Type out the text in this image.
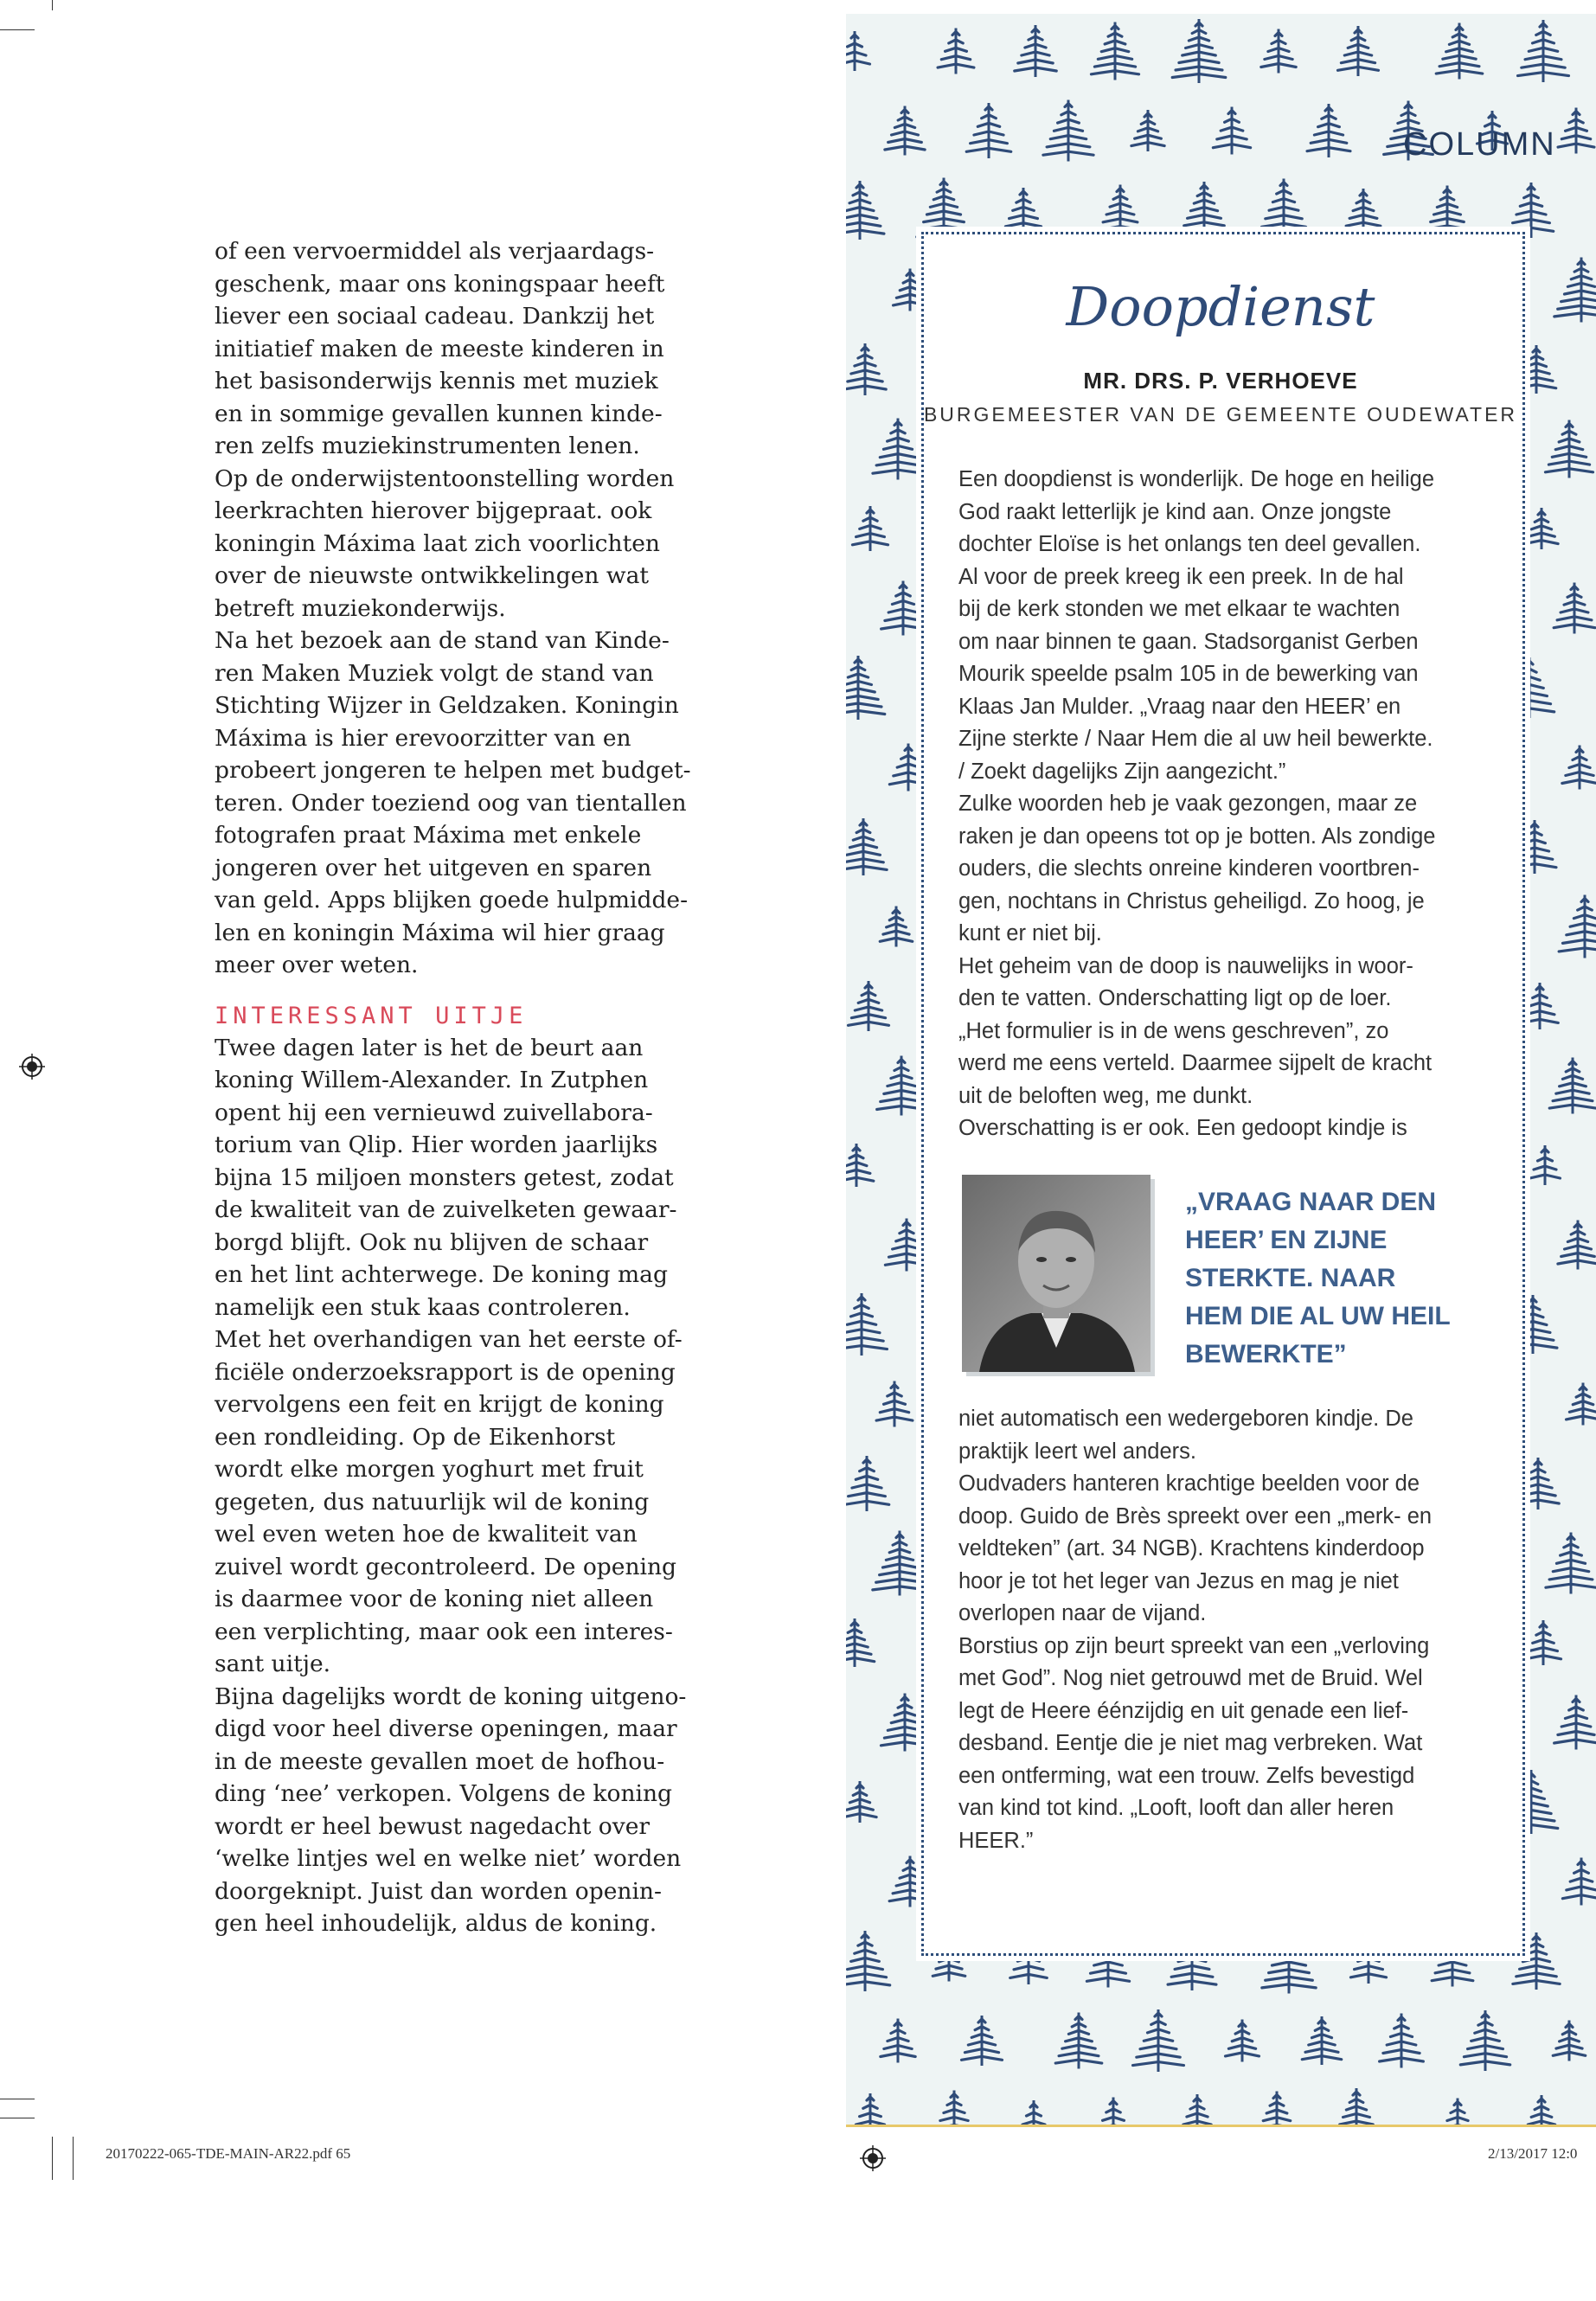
of een vervoermiddel als verjaardags-
geschenk, maar ons koningspaar heeft
liever een sociaal cadeau. Dankzij het
initiatief maken de meeste kinderen in
het basisonderwijs kennis met muziek
en in sommige gevallen kunnen kinde-
ren zelfs muziekinstrumenten lenen.
Op de onderwijstentoonstelling worden
leerkrachten hierover bijgepraat. ook
koningin Máxima laat zich voorlichten
over de nieuwste ontwikkelingen wat
betreft muziekonderwijs.

Na het bezoek aan de stand van Kinde-
ren Maken Muziek volgt de stand van
Stichting Wijzer in Geldzaken. Koningin
Máxima is hier erevoorzitter van en
probeert jongeren te helpen met budget-
teren. Onder toeziend oog van tientallen
fotografen praat Máxima met enkele
jongeren over het uitgeven en sparen
van geld. Apps blijken goede hulpmidde-
len en koningin Máxima wil hier graag
meer over weten.

INTERESSANT UITJE

Twee dagen later is het de beurt aan
koning Willem-Alexander. In Zutphen
opent hij een vernieuwd zuivellabora-
torium van Qlip. Hier worden jaarlijks
bijna 15 miljoen monsters getest, zodat
de kwaliteit van de zuivelketen gewaar-
borgd blijft. Ook nu blijven de schaar
en het lint achterwege. De koning mag
namelijk een stuk kaas controleren.
Met het overhandigen van het eerste of-
ficiële onderzoeksrapport is de opening
vervolgens een feit en krijgt de koning
een rondleiding. Op de Eikenhorst
wordt elke morgen yoghurt met fruit
gegeten, dus natuurlijk wil de koning
wel even weten hoe de kwaliteit van
zuivel wordt gecontroleerd. De opening
is daarmee voor de koning niet alleen
een verplichting, maar ook een interes-
sant uitje.

Bijna dagelijks wordt de koning uitgeno-
digd voor heel diverse openingen, maar
in de meeste gevallen moet de hofhou-
ding ‘nee’ verkopen. Volgens de koning
wordt er heel bewust nagedacht over
‘welke lintjes wel en welke niet’ worden
doorgeknipt. Juist dan worden openin-
gen heel inhoudelijk, aldus de koning.

COLUMN
Doopdienst
MR. DRS. P. VERHOEVE
BURGEMEESTER VAN DE GEMEENTE OUDEWATER
Een doopdienst is wonderlijk. De hoge en heilige
God raakt letterlijk je kind aan. Onze jongste
dochter Eloïse is het onlangs ten deel gevallen.
Al voor de preek kreeg ik een preek. In de hal
bij de kerk stonden we met elkaar te wachten
om naar binnen te gaan. Stadsorganist Gerben
Mourik speelde psalm 105 in de bewerking van
Klaas Jan Mulder. „Vraag naar den HEER’ en
Zijne sterkte / Naar Hem die al uw heil bewerkte.
/ Zoekt dagelijks Zijn aangezicht.”
Zulke woorden heb je vaak gezongen, maar ze
raken je dan opeens tot op je botten. Als zondige
ouders, die slechts onreine kinderen voortbren-
gen, nochtans in Christus geheiligd. Zo hoog, je
kunt er niet bij.
Het geheim van de doop is nauwelijks in woor-
den te vatten. Onderschatting ligt op de loer.
„Het formulier is in de wens geschreven”, zo
werd me eens verteld. Daarmee sijpelt de kracht
uit de beloften weg, me dunkt.
Overschatting is er ook. Een gedoopt kindje is
„VRAAG NAAR DEN
HEER’ EN ZIJNE
STERKTE. NAAR
HEM DIE AL UW HEIL
BEWERKTE”
niet automatisch een wedergeboren kindje. De
praktijk leert wel anders.
Oudvaders hanteren krachtige beelden voor de
doop. Guido de Brès spreekt over een „merk- en
veldteken” (art. 34 NGB). Krachtens kinderdoop
hoor je tot het leger van Jezus en mag je niet
overlopen naar de vijand.
Borstius op zijn beurt spreekt van een „verloving
met God”. Nog niet getrouwd met de Bruid. Wel
legt de Heere éénzijdig en uit genade een lief-
desband. Eentje die je niet mag verbreken. Wat
een ontferming, wat een trouw. Zelfs bevestigd
van kind tot kind. „Looft, looft dan aller heren
HEER.”
20170222-065-TDE-MAIN-AR22.pdf 65	2/13/2017 12:0
